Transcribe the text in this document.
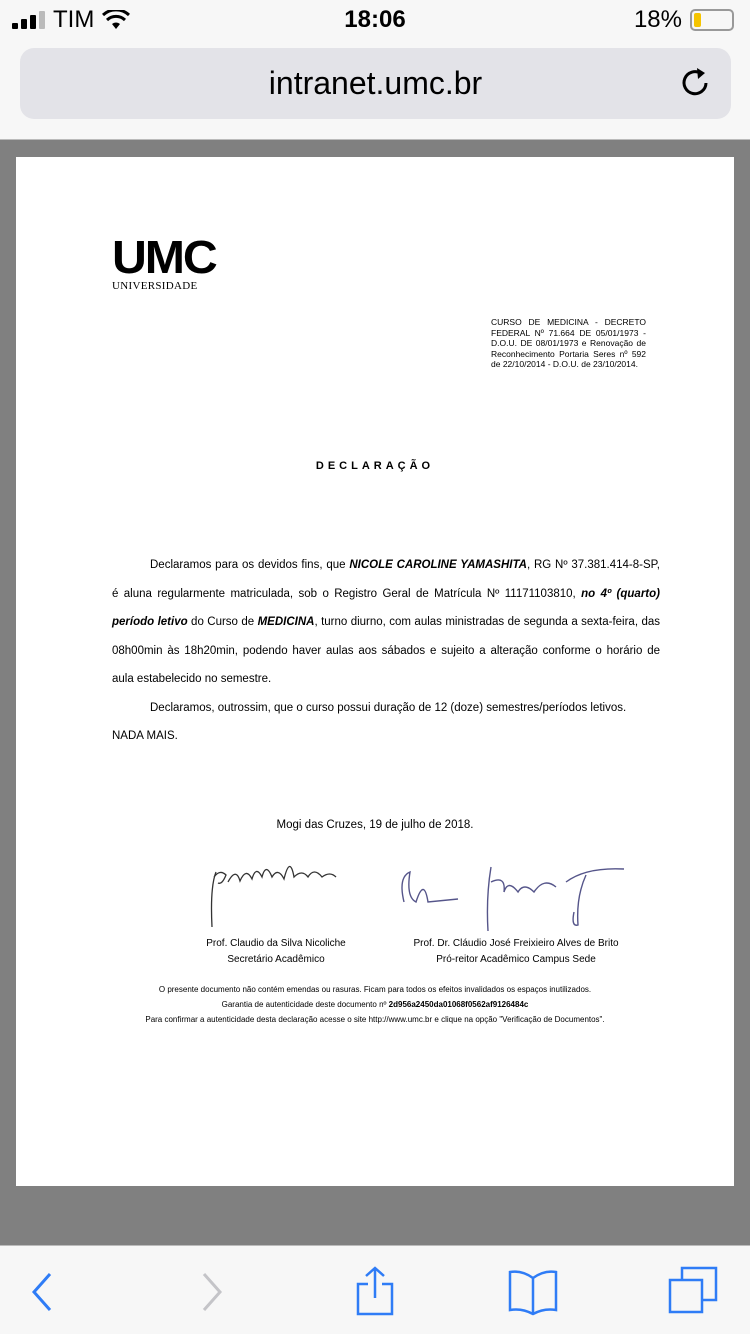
TIM	18:06	18%
intranet.umc.br
UMC
UNIVERSIDADE
CURSO DE MEDICINA - DECRETO FEDERAL Nº 71.664 DE 05/01/1973 - D.O.U. DE 08/01/1973 e Renovação de Reconhecimento Portaria Seres nº 592 de 22/10/2014 - D.O.U. de 23/10/2014.
DECLARAÇÃO

Declaramos para os devidos fins, que NICOLE CAROLINE YAMASHITA, RG Nº 37.381.414-8-SP, é aluna regularmente matriculada, sob o Registro Geral de Matrícula Nº 11171103810, no 4º (quarto) período letivo do Curso de MEDICINA, turno diurno, com aulas ministradas de segunda a sexta-feira, das 08h00min às 18h20min, podendo haver aulas aos sábados e sujeito a alteração conforme o horário de aula estabelecido no semestre.

Declaramos, outrossim, que o curso possui duração de 12 (doze) semestres/períodos letivos.

NADA MAIS.

Mogi das Cruzes, 19 de julho de 2018.
Prof. Claudio da Silva Nicoliche
Secretário Acadêmico
Prof. Dr. Cláudio José Freixieiro Alves de Brito
Pró-reitor Acadêmico Campus Sede
O presente documento não contém emendas ou rasuras. Ficam para todos os efeitos invalidados os espaços inutilizados.
Garantia de autenticidade deste documento nº 2d956a2450da01068f0562af9126484c
Para confirmar a autenticidade desta declaração acesse o site http://www.umc.br e clique na opção "Verificação de Documentos".
